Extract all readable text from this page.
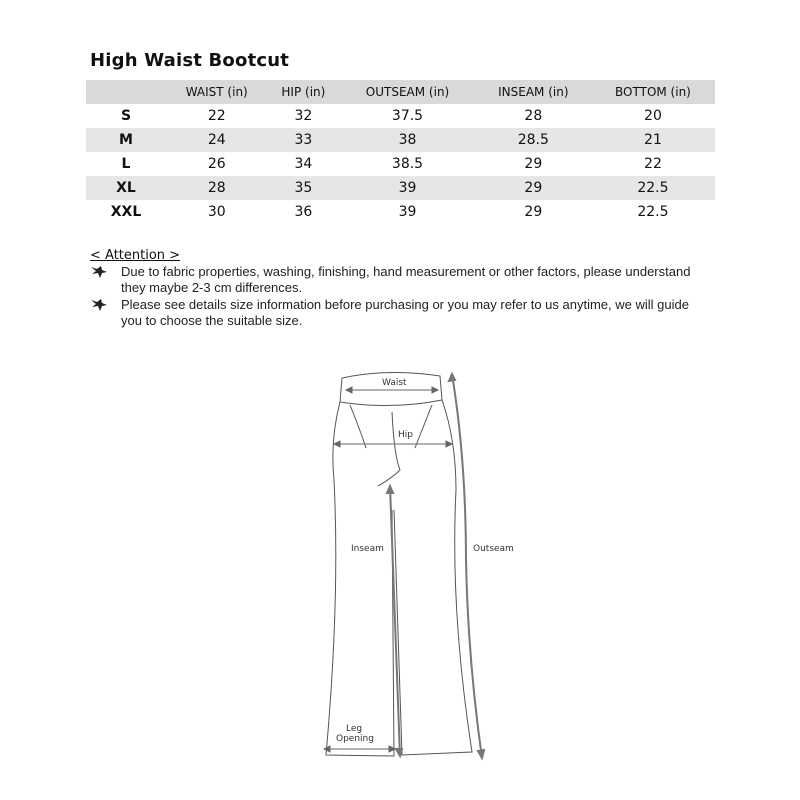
High Waist Bootcut
	WAIST (in)	HIP (in)	OUTSEAM (in)	INSEAM (in)	BOTTOM (in)
S	22	32	37.5	28	20
M	24	33	38	28.5	21
L	26	34	38.5	29	22
XL	28	35	39	29	22.5
XXL	30	36	39	29	22.5
< Attention >
Due to fabric properties, washing, finishing, hand measurement or other factors, please understand they maybe 2-3 cm differences.
Please see details size information before purchasing or you may refer to us anytime, we will guide you to choose the suitable size.
Waist
Hip
Inseam	Outseam
Leg
Opening
